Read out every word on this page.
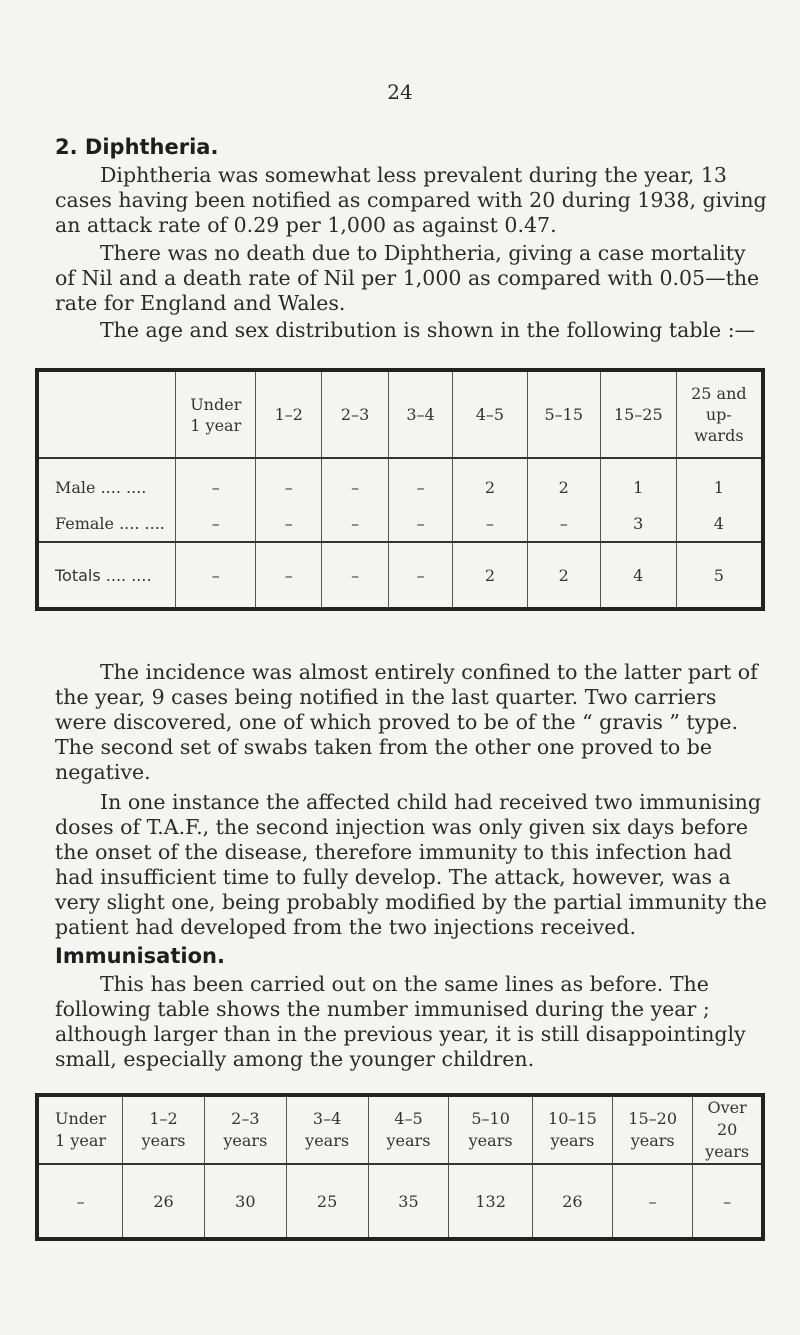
24
2. Diphtheria.

Diphtheria was somewhat less prevalent during the year, 13 cases having been notified as compared with 20 during 1938, giving an attack rate of 0.29 per 1,000 as against 0.47.

There was no death due to Diphtheria, giving a case mortality of Nil and a death rate of Nil per 1,000 as compared with 0.05—the rate for England and Wales.

The age and sex distribution is shown in the following table :—

	Under 1 year	1–2	2–3	3–4	4–5	5–15	15–25	25 and up-wards
Male .... ....	–	–	–	–	2	2	1	1
Female .... ....	–	–	–	–	–	–	3	4
Totals .... ....	–	–	–	–	2	2	4	5

The incidence was almost entirely confined to the latter part of the year, 9 cases being notified in the last quarter. Two carriers were discovered, one of which proved to be of the “ gravis ” type. The second set of swabs taken from the other one proved to be negative.

In one instance the affected child had received two immunising doses of T.A.F., the second injection was only given six days before the onset of the disease, therefore immunity to this infection had had insufficient time to fully develop. The attack, however, was a very slight one, being probably modified by the partial immunity the patient had developed from the two injections received.

Immunisation.

This has been carried out on the same lines as before. The following table shows the number immunised during the year ; although larger than in the previous year, it is still disappointingly small, especially among the younger children.

Under 1 year	1–2 years	2–3 years	3–4 years	4–5 years	5–10 years	10–15 years	15–20 years	Over 20 years
–	26	30	25	35	132	26	–	–
